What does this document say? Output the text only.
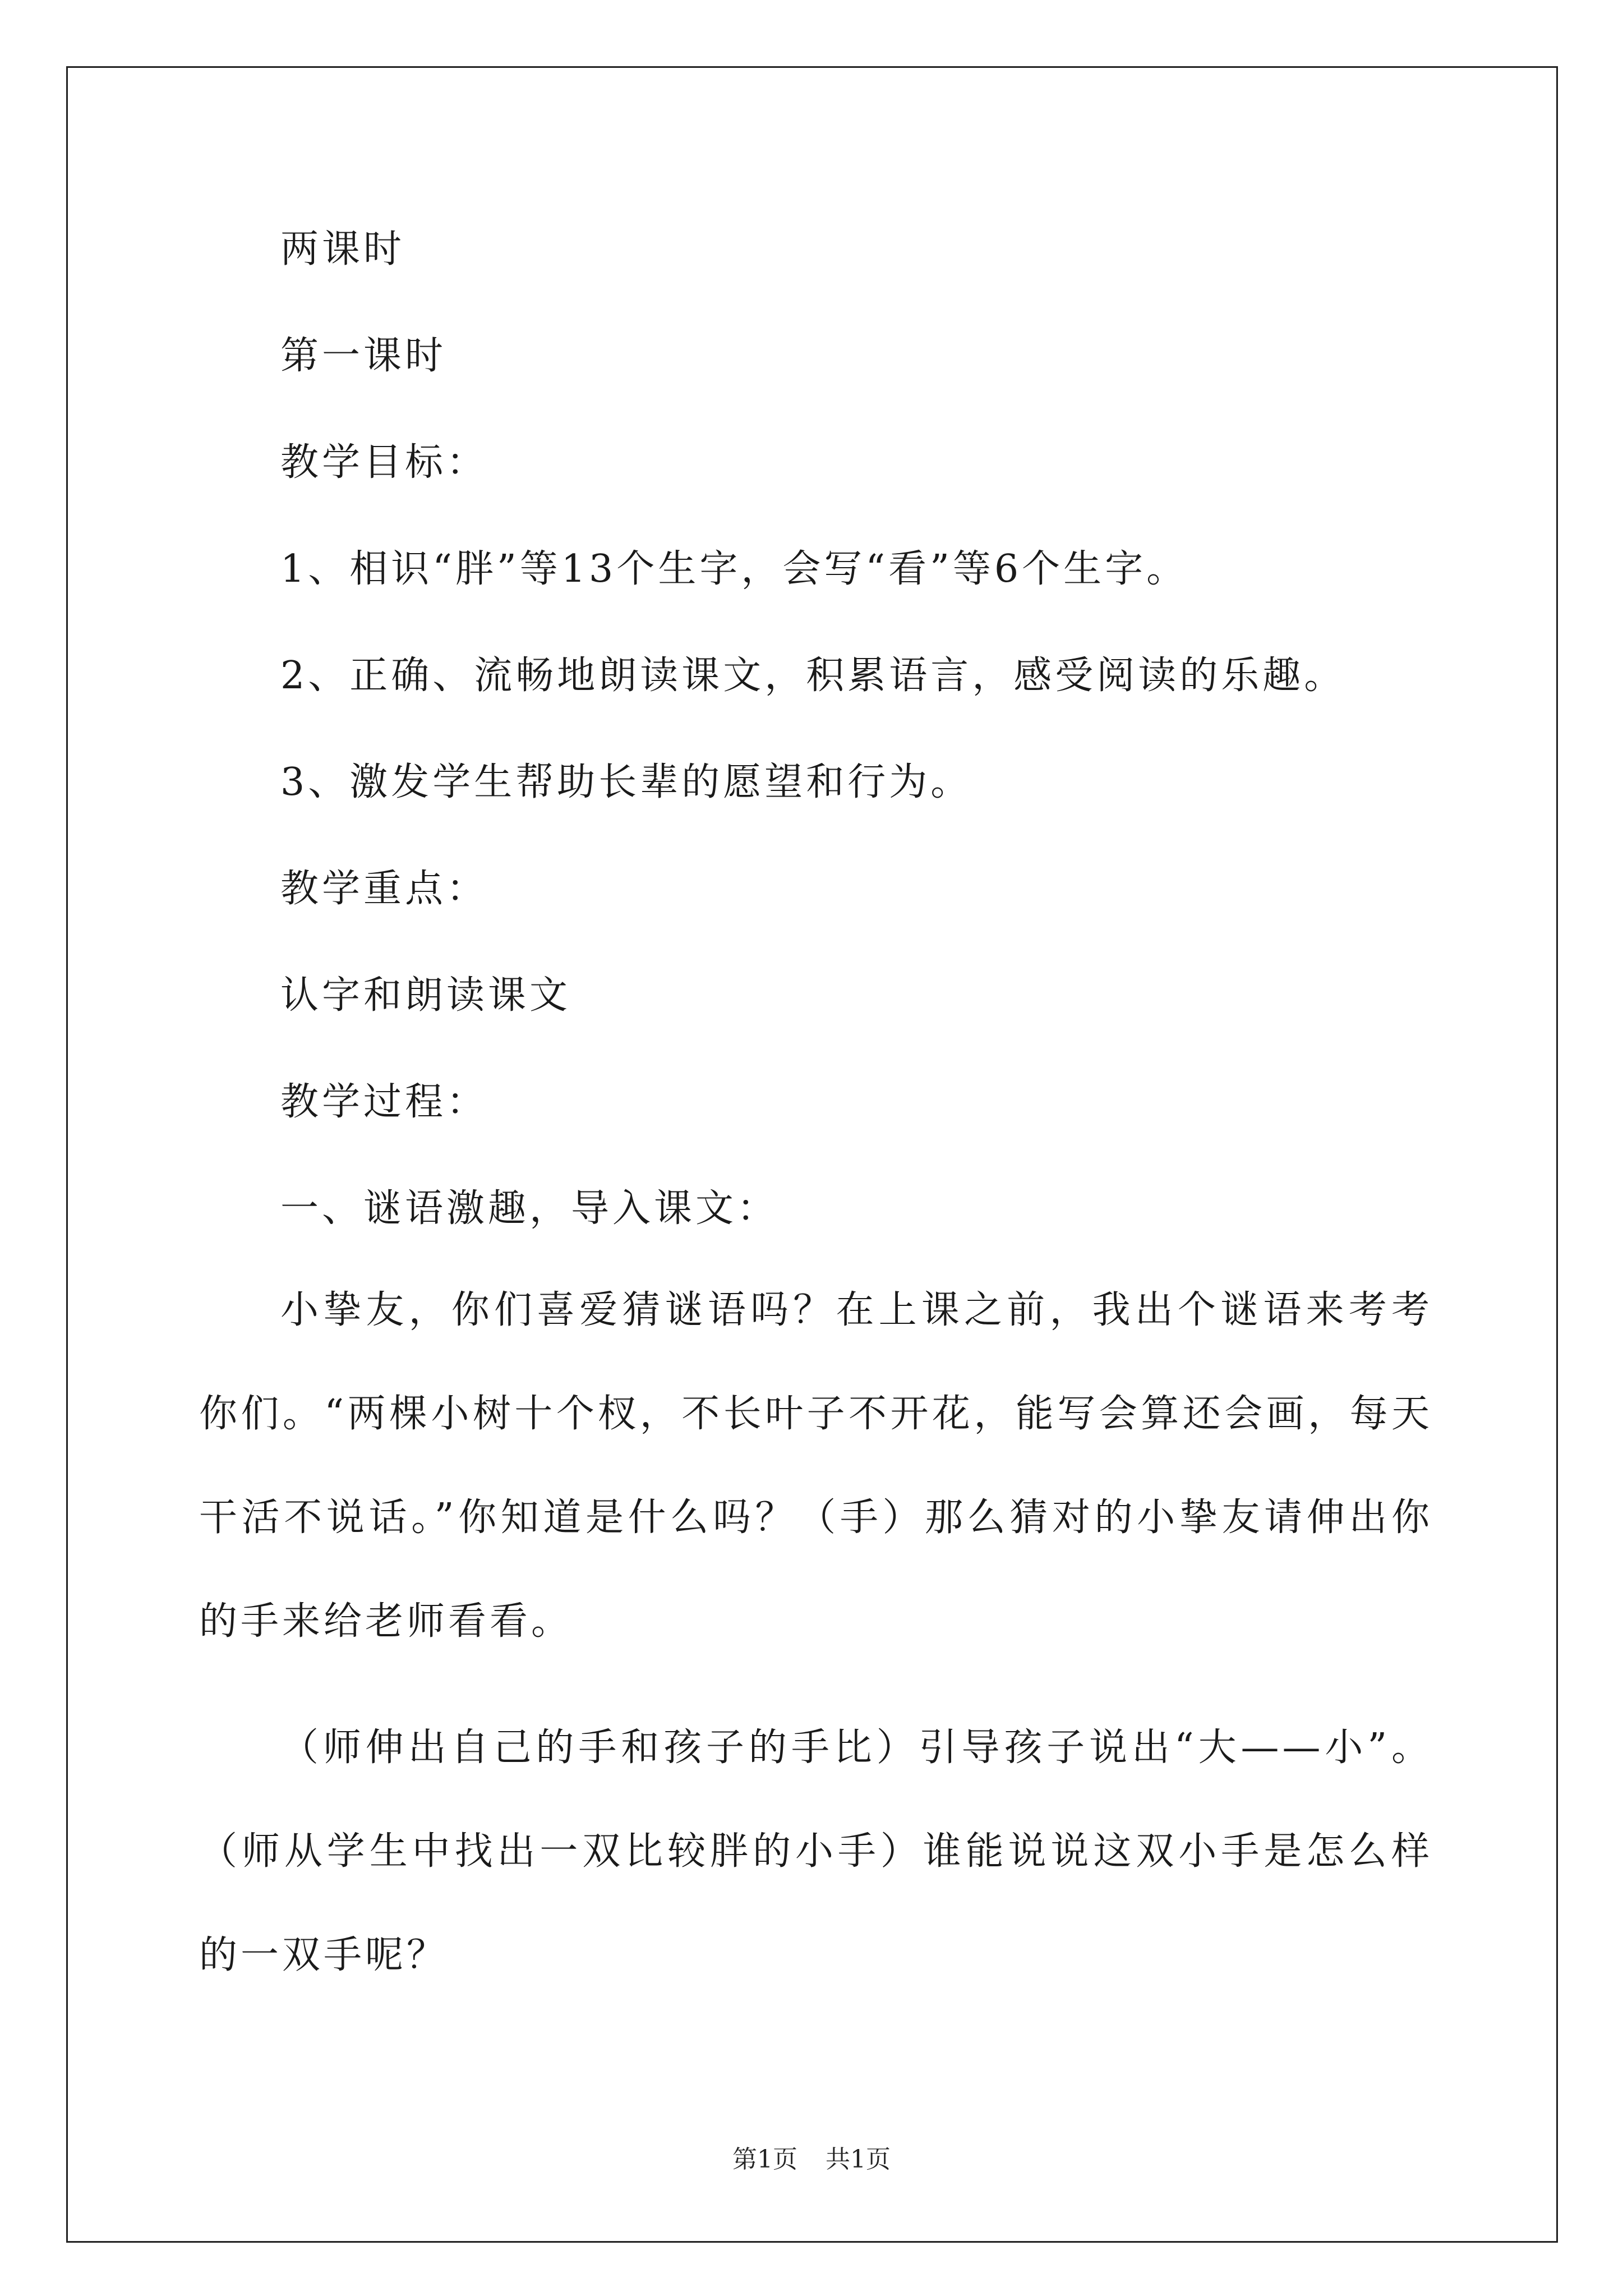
两课时
第一课时
教学目标：
1、相识“胖”等13个生字，会写“看”等6个生字。
2、正确、流畅地朗读课文，积累语言，感受阅读的乐趣。
3、激发学生帮助长辈的愿望和行为。
教学重点：
认字和朗读课文
教学过程：
一、谜语激趣，导入课文：

小挚友，你们喜爱猜谜语吗？在上课之前，我出个谜语来考考你们。“两棵小树十个杈，不长叶子不开花，能写会算还会画，每天干活不说话。”你知道是什么吗？（手）那么猜对的小挚友请伸出你的手来给老师看看。

（师伸出自己的手和孩子的手比）引导孩子说出“大——小”。（师从学生中找出一双比较胖的小手）谁能说说这双小手是怎么样的一双手呢？

第1页 共1页
